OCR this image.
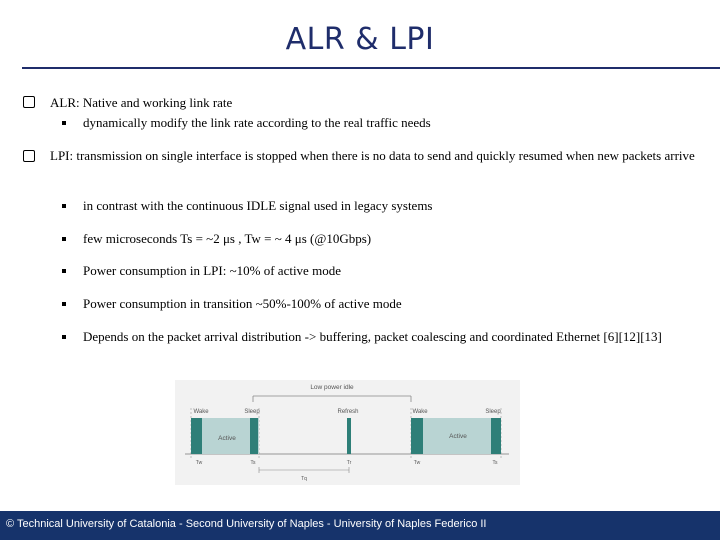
ALR & LPI
ALR: Native and working link rate
dynamically modify the link rate according to the real traffic needs
LPI: transmission on single interface is stopped when there is no data to send and quickly resumed when new packets arrive
in contrast with the continuous IDLE signal used in legacy systems
few microseconds Ts = ~2 μs , Tw = ~ 4 μs (@10Gbps)
Power consumption in LPI: ~10% of active mode
Power consumption in transition ~50%-100% of active mode
Depends on the packet arrival distribution -> buffering, packet coalescing and coordinated Ethernet [6][12][13]
Low power idle
Wake	Sleep	Refresh	Wake	Sleep
Active	Active
Tw	Ts	Tr	Tw	Ts
Tq
© Technical University of Catalonia - Second University of Naples - University of Naples Federico II
